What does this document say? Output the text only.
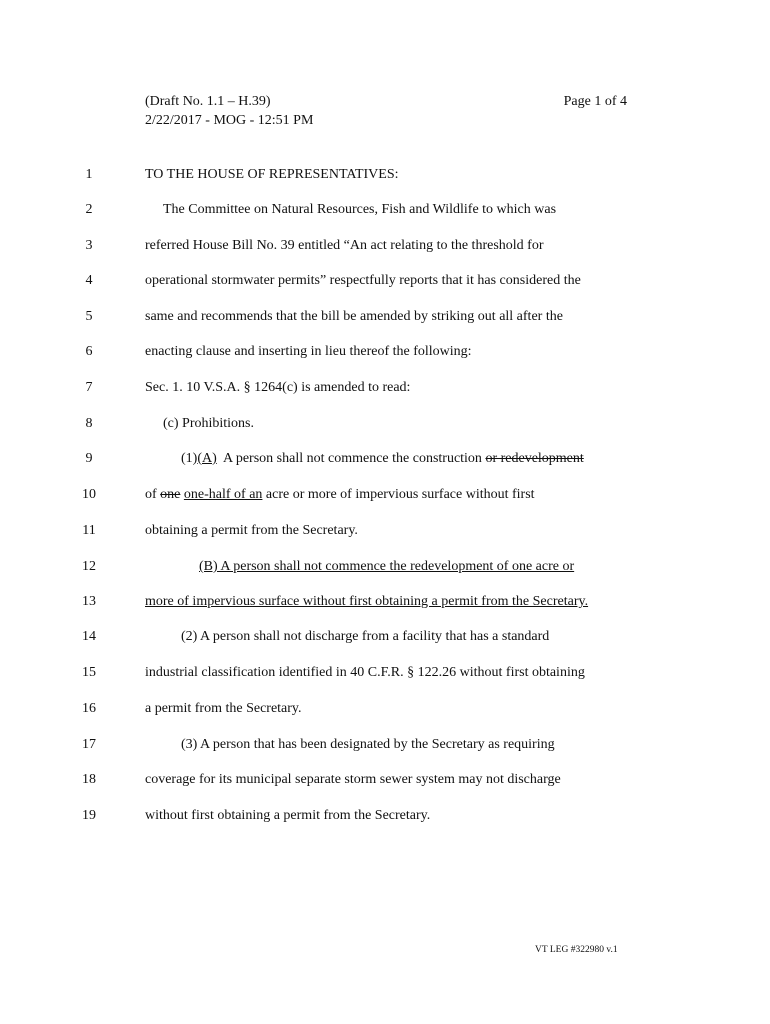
(Draft No. 1.1 – H.39)
2/22/2017 - MOG - 12:51 PM
Page 1 of 4
1	TO THE HOUSE OF REPRESENTATIVES:
2	The Committee on Natural Resources, Fish and Wildlife to which was
3	referred House Bill No. 39 entitled “An act relating to the threshold for
4	operational stormwater permits” respectfully reports that it has considered the
5	same and recommends that the bill be amended by striking out all after the
6	enacting clause and inserting in lieu thereof the following:
7	Sec. 1. 10 V.S.A. § 1264(c) is amended to read:
8	(c) Prohibitions.
9	(1)(A)  A person shall not commence the construction or redevelopment
10	of one one-half of an acre or more of impervious surface without first
11	obtaining a permit from the Secretary.
12	(B) A person shall not commence the redevelopment of one acre or
13	more of impervious surface without first obtaining a permit from the Secretary.
14	(2) A person shall not discharge from a facility that has a standard
15	industrial classification identified in 40 C.F.R. § 122.26 without first obtaining
16	a permit from the Secretary.
17	(3) A person that has been designated by the Secretary as requiring
18	coverage for its municipal separate storm sewer system may not discharge
19	without first obtaining a permit from the Secretary.
VT LEG #322980 v.1
